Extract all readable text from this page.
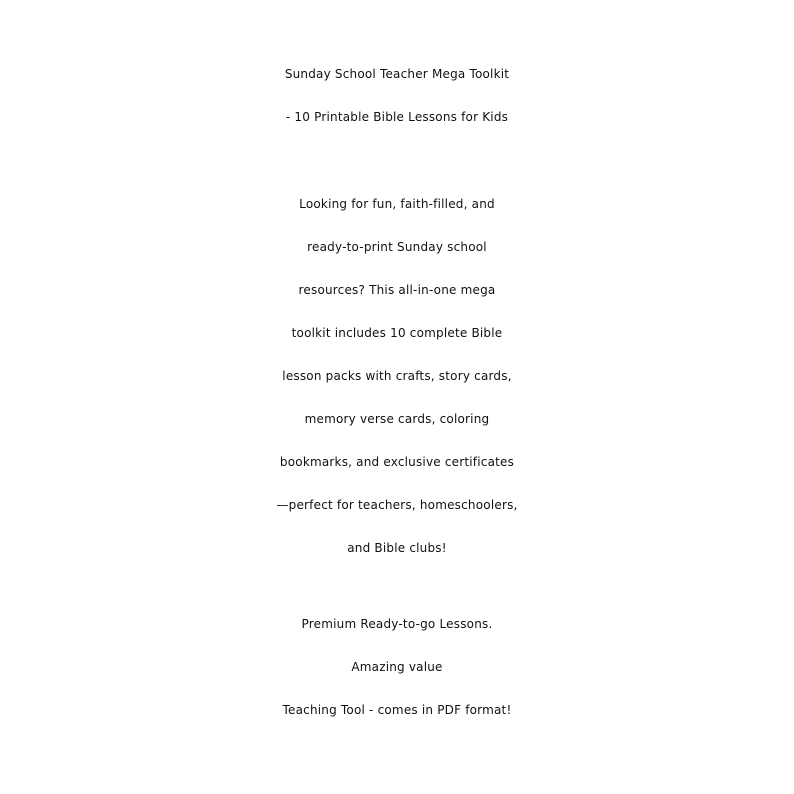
Sunday School Teacher Mega Toolkit
- 10 Printable Bible Lessons for Kids
Looking for fun, faith-filled, and
ready-to-print Sunday school
resources? This all-in-one mega
toolkit includes 10 complete Bible
lesson packs with crafts, story cards,
memory verse cards, coloring
bookmarks, and exclusive certificates
—perfect for teachers, homeschoolers,
and Bible clubs!
Premium Ready-to-go Lessons.
Amazing value
Teaching Tool - comes in PDF format!
